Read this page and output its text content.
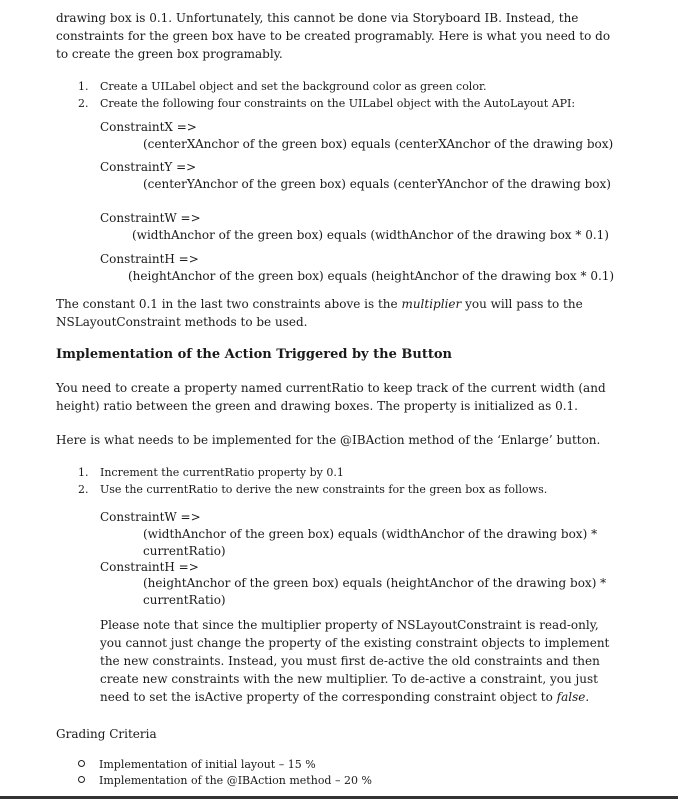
drawing box is 0.1. Unfortunately, this cannot be done via Storyboard IB. Instead, the

constraints for the green box have to be created programably. Here is what you need to do

to create the green box programably.

1. Create a UILabel object and set the background color as green color.

2. Create the following four constraints on the UILabel object with the AutoLayout API:

ConstraintX =>

(centerXAnchor of the green box) equals (centerXAnchor of the drawing box)

ConstraintY =>

(centerYAnchor of the green box) equals (centerYAnchor of the drawing box)

ConstraintW =>

(widthAnchor of the green box) equals (widthAnchor of the drawing box * 0.1)

ConstraintH =>

(heightAnchor of the green box) equals (heightAnchor of the drawing box * 0.1)

The constant 0.1 in the last two constraints above is the multiplier you will pass to the

NSLayoutConstraint methods to be used.

Implementation of the Action Triggered by the Button

You need to create a property named currentRatio to keep track of the current width (and

height) ratio between the green and drawing boxes. The property is initialized as 0.1.

Here is what needs to be implemented for the @IBAction method of the ‘Enlarge’ button.

1. Increment the currentRatio property by 0.1

2. Use the currentRatio to derive the new constraints for the green box as follows.

ConstraintW =>

(widthAnchor of the green box) equals (widthAnchor of the drawing box) *

currentRatio)

ConstraintH =>

(heightAnchor of the green box) equals (heightAnchor of the drawing box) *

currentRatio)

Please note that since the multiplier property of NSLayoutConstraint is read-only,

you cannot just change the property of the existing constraint objects to implement

the new constraints. Instead, you must first de-active the old constraints and then

create new constraints with the new multiplier. To de-active a constraint, you just

need to set the isActive property of the corresponding constraint object to false.

Grading Criteria

Implementation of initial layout – 15 %

Implementation of the @IBAction method – 20 %
